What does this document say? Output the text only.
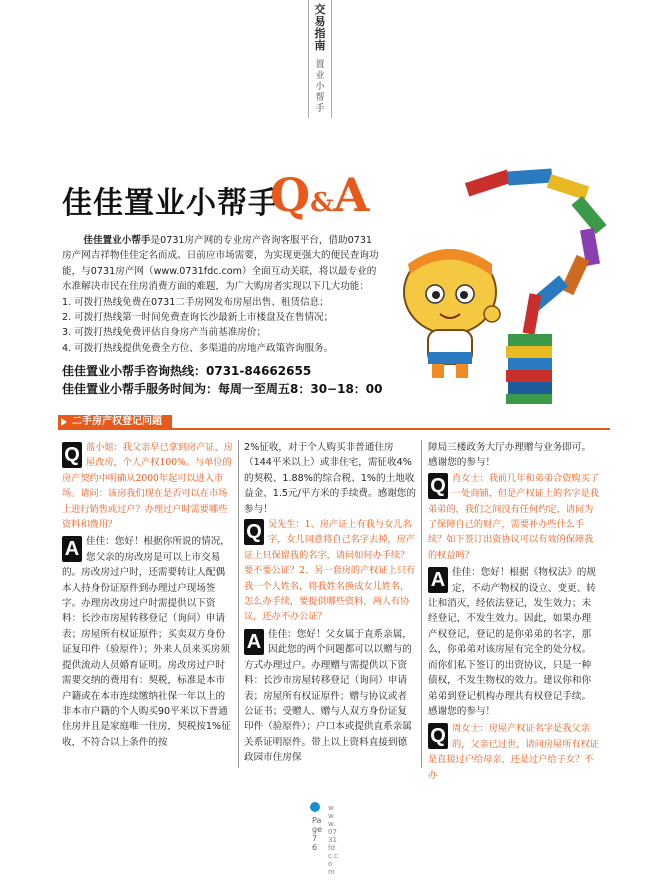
交易指南
置业小帮手
佳佳置业小帮手
Q&A

佳佳置业小帮手是0731房产网的专业房产咨询客服平台，借助0731房产网吉祥物佳佳定名而成。日前应市场需要，为实现更强大的便民查询功能，与0731房产网（www.0731fdc.com）全面互动关联，将以最专业的水准解决市民在住房消费方面的难题，为广大购房者实现以下几大功能：

1. 可拨打热线免费在0731二手房网发布房屋出售、租赁信息；

2. 可拨打热线第一时间免费查询长沙最新上市楼盘及在售情况；

3. 可拨打热线免费评估自身房产当前基准房价；

4. 可拨打热线提供免费全方位、多渠道的房地产政策咨询服务。

佳佳置业小帮手咨询热线：0731-84662655
佳佳置业小帮手服务时间为：每周一至周五8：30−18：00
二手房产权登记问题
Q 蓝小姐：我父亲早已拿到房产证，房屋改房，个人产权100%。与单位的房产契约中明确从2000年起可以进入市场。请问：该房我们现在是否可以在市场上进行销售或过户？办理过户时需要哪些资料和费用？
A 佳佳：您好！根据你所说的情况，您父亲的房改房是可以上市交易的。房改房过户时，还需要转让人配偶本人持身份证原件到办理过户现场签字。办理房改房过户时需提供以下资料：长沙市房屋转移登记（询问）申请表；房屋所有权证原件；买卖双方身份证复印件（验原件）；外来人员来买房须提供流动人员婚育证明。房改房过户时需要交纳的费用有：契税，标准是本市户籍或在本市连续缴纳社保一年以上的非本市户籍的个人购买90平米以下普通住房并且是家庭唯一住房，契税按1%征收，不符合以上条件的按
2%征收，对于个人购买非普通住房（144平米以上）或非住宅，需征收4%的契税、1.88%的综合税、1%的土地收益金、1.5元/平方米的手续费。感谢您的参与！
Q 吴先生：1、房产证上有我与女儿名字，女儿同意将自己名字去掉，房产证上只保留我的名字，请问如何办手续？要不要公证？2、另一套房的产权证上只有我一个人姓名，将我姓名换成女儿姓名，怎么办手续，要提供哪些资料，两人有协议，还办不办公证？
A 佳佳：您好！父女属于直系亲属，因此您的两个问题都可以以赠与的方式办理过户。办理赠与需提供以下资料：长沙市房屋转移登记（询问）申请表；房屋所有权证原件；赠与协议或者公证书；受赠人、赠与人双方身份证复印件（验原件）；户口本或提供直系亲属关系证明原件。带上以上资料直接到德政园市住房保
障局三楼政务大厅办理赠与业务即可。感谢您的参与！
Q 肖女士：我前几年和弟弟合资购买了一处商铺，但是产权证上的名字是我弟弟的，我们之间没有任何约定，请问为了保障自己的财产，需要补办些什么手续？如下签订出资协议可以有效的保障我的权益吗？
A 佳佳：您好！根据《物权法》的规定，不动产物权的设立、变更、转让和消灭，经依法登记，发生效力；未经登记，不发生效力。因此，如果办理产权登记，登记的是你弟弟的名字，那么，你弟弟对该房屋有完全的处分权。而你们私下签订的出资协议，只是一种债权，不发生物权的效力。建议你和你弟弟到登记机构办理共有权登记手续。感谢您的参与！
Q 周女士：房屋产权证名字是我父亲的，父亲已过世，请问房屋所有权证是直接过户给母亲，还是过户给子女？不办
Page 76
www.0731fdc.com
